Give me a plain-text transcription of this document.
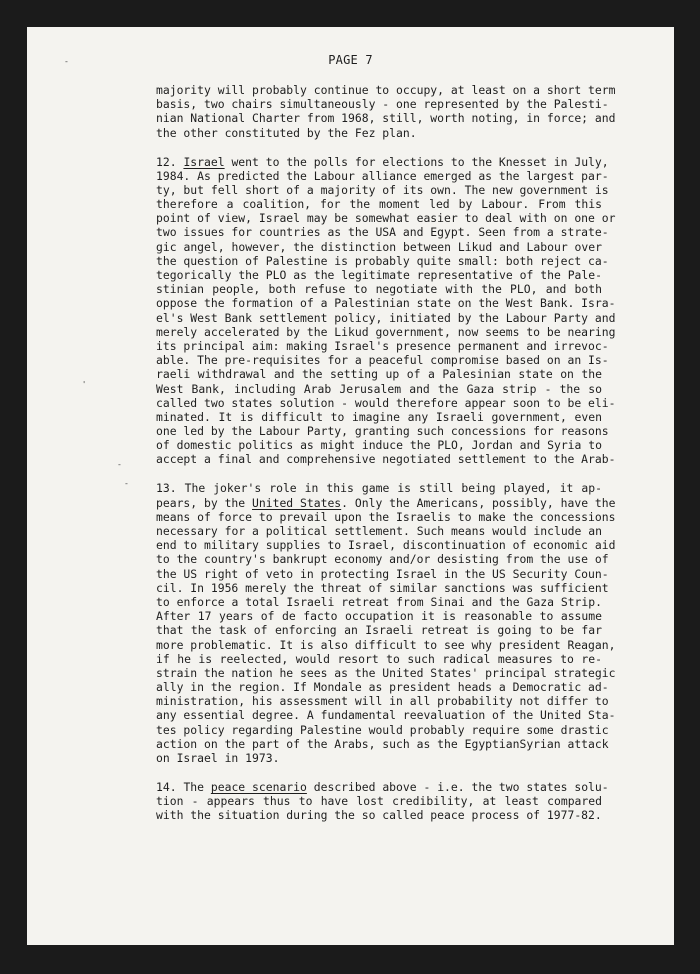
PAGE 7
-
-
-
'
majority will probably continue to occupy, at least on a short term
basis, two chairs simultaneously - one represented by the Palesti-
nian National Charter from 1968, still, worth noting, in force; and
the other constituted by the Fez plan.
12. Israel went to the polls for elections to the Knesset in July,
1984. As predicted the Labour alliance emerged as the largest par-
ty, but fell short of a majority of its own. The new government is
therefore a coalition, for the moment led by Labour. From this
point of view, Israel may be somewhat easier to deal with on one or
two issues for countries as the USA and Egypt. Seen from a strate-
gic angel, however, the distinction between Likud and Labour over
the question of Palestine is probably quite small: both reject ca-
tegorically the PLO as the legitimate representative of the Pale-
stinian people, both refuse to negotiate with the PLO, and both
oppose the formation of a Palestinian state on the West Bank. Isra-
el's West Bank settlement policy, initiated by the Labour Party and
merely accelerated by the Likud government, now seems to be nearing
its principal aim: making Israel's presence permanent and irrevoc-
able. The pre-requisites for a peaceful compromise based on an Is-
raeli withdrawal and the setting up of a Palesinian state on the
West Bank, including Arab Jerusalem and the Gaza strip - the so
called two states solution - would therefore appear soon to be eli-
minated. It is difficult to imagine any Israeli government, even
one led by the Labour Party, granting such concessions for reasons
of domestic politics as might induce the PLO, Jordan and Syria to
accept a final and comprehensive negotiated settlement to the Arab-
13. The joker's role in this game is still being played, it ap-
pears, by the United States. Only the Americans, possibly, have the
means of force to prevail upon the Israelis to make the concessions
necessary for a political settlement. Such means would include an
end to military supplies to Israel, discontinuation of economic aid
to the country's bankrupt economy and/or desisting from the use of
the US right of veto in protecting Israel in the US Security Coun-
cil. In 1956 merely the threat of similar sanctions was sufficient
to enforce a total Israeli retreat from Sinai and the Gaza Strip.
After 17 years of de facto occupation it is reasonable to assume
that the task of enforcing an Israeli retreat is going to be far
more problematic. It is also difficult to see why president Reagan,
if he is reelected, would resort to such radical measures to re-
strain the nation he sees as the United States' principal strategic
ally in the region. If Mondale as president heads a Democratic ad-
ministration, his assessment will in all probability not differ to
any essential degree. A fundamental reevaluation of the United Sta-
tes policy regarding Palestine would probably require some drastic
action on the part of the Arabs, such as the EgyptianSyrian attack
on Israel in 1973.
14. The peace scenario described above - i.e. the two states solu-
tion - appears thus to have lost credibility, at least compared
with the situation during the so called peace process of 1977-82.
